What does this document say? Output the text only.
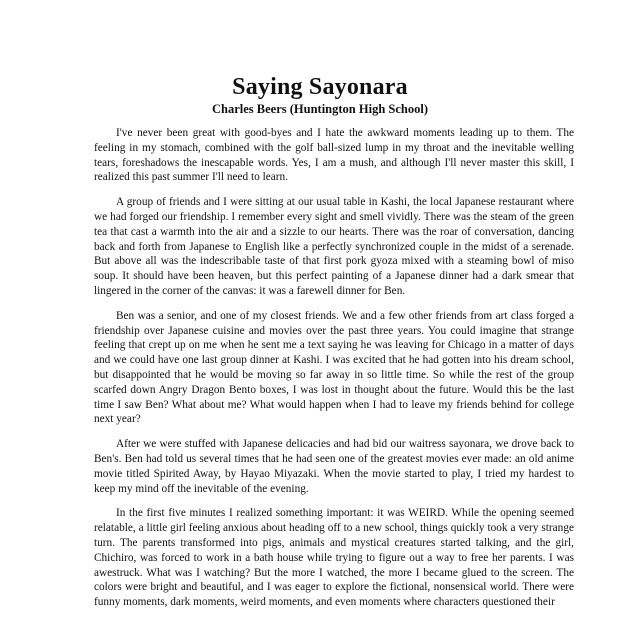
Saying Sayonara
Charles Beers (Huntington High School)

I've never been great with good-byes and I hate the awkward moments leading up to them. The feeling in my stomach, combined with the golf ball-sized lump in my throat and the inevitable welling tears, foreshadows the inescapable words. Yes, I am a mush, and although I'll never master this skill, I realized this past summer I'll need to learn.

A group of friends and I were sitting at our usual table in Kashi, the local Japanese restaurant where we had forged our friendship. I remember every sight and smell vividly. There was the steam of the green tea that cast a warmth into the air and a sizzle to our hearts. There was the roar of conversation, dancing back and forth from Japanese to English like a perfectly synchronized couple in the midst of a serenade. But above all was the indescribable taste of that first pork gyoza mixed with a steaming bowl of miso soup. It should have been heaven, but this perfect painting of a Japanese dinner had a dark smear that lingered in the corner of the canvas: it was a farewell dinner for Ben.

Ben was a senior, and one of my closest friends. We and a few other friends from art class forged a friendship over Japanese cuisine and movies over the past three years. You could imagine that strange feeling that crept up on me when he sent me a text saying he was leaving for Chicago in a matter of days and we could have one last group dinner at Kashi. I was excited that he had gotten into his dream school, but disappointed that he would be moving so far away in so little time. So while the rest of the group scarfed down Angry Dragon Bento boxes, I was lost in thought about the future. Would this be the last time I saw Ben? What about me? What would happen when I had to leave my friends behind for college next year?

After we were stuffed with Japanese delicacies and had bid our waitress sayonara, we drove back to Ben's. Ben had told us several times that he had seen one of the greatest movies ever made: an old anime movie titled Spirited Away, by Hayao Miyazaki. When the movie started to play, I tried my hardest to keep my mind off the inevitable of the evening.

In the first five minutes I realized something important: it was WEIRD. While the opening seemed relatable, a little girl feeling anxious about heading off to a new school, things quickly took a very strange turn. The parents transformed into pigs, animals and mystical creatures started talking, and the girl, Chichiro, was forced to work in a bath house while trying to figure out a way to free her parents. I was awestruck. What was I watching? But the more I watched, the more I became glued to the screen. The colors were bright and beautiful, and I was eager to explore the fictional, nonsensical world. There were funny moments, dark moments, weird moments, and even moments where characters questioned their
